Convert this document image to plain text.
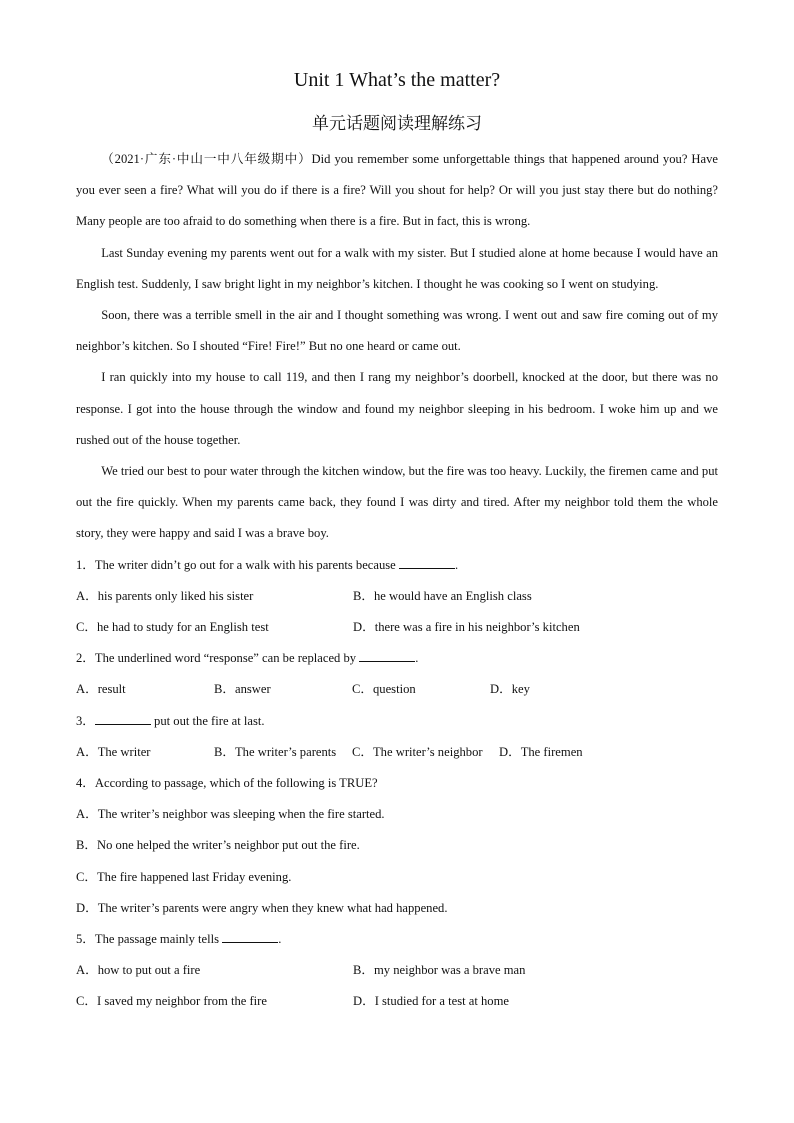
Unit 1 What’s the matter?
单元话题阅读理解练习

（2021·广东·中山一中八年级期中）Did you remember some unforgettable things that happened around you? Have you ever seen a fire? What will you do if there is a fire? Will you shout for help? Or will you just stay there but do nothing? Many people are too afraid to do something when there is a fire. But in fact, this is wrong.

Last Sunday evening my parents went out for a walk with my sister. But I studied alone at home because I would have an English test. Suddenly, I saw bright light in my neighbor’s kitchen. I thought he was cooking so I went on studying.

Soon, there was a terrible smell in the air and I thought something was wrong. I went out and saw fire coming out of my neighbor’s kitchen. So I shouted “Fire! Fire!” But no one heard or came out.

I ran quickly into my house to call 119, and then I rang my neighbor’s doorbell, knocked at the door, but there was no response. I got into the house through the window and found my neighbor sleeping in his bedroom. I woke him up and we rushed out of the house together.

We tried our best to pour water through the kitchen window, but the fire was too heavy. Luckily, the firemen came and put out the fire quickly. When my parents came back, they found I was dirty and tired. After my neighbor told them the whole story, they were happy and said I was a brave boy.

1．The writer didn’t go out for a walk with his parents because	.

A．his parents only liked his sister	B．he would have an English class
C．he had to study for an English test	D．there was a fire in his neighbor’s kitchen

2．The underlined word “response” can be replaced by	.

A．result	B．answer	C．question	D．key

3．	put out the fire at last.

A．The writer	B．The writer’s parents	C．The writer’s neighbor	D．The firemen

4．According to passage, which of the following is TRUE?

A．The writer’s neighbor was sleeping when the fire started.

B．No one helped the writer’s neighbor put out the fire.

C．The fire happened last Friday evening.

D．The writer’s parents were angry when they knew what had happened.

5．The passage mainly tells	.

A．how to put out a fire	B．my neighbor was a brave man
C．I saved my neighbor from the fire	D．I studied for a test at home
